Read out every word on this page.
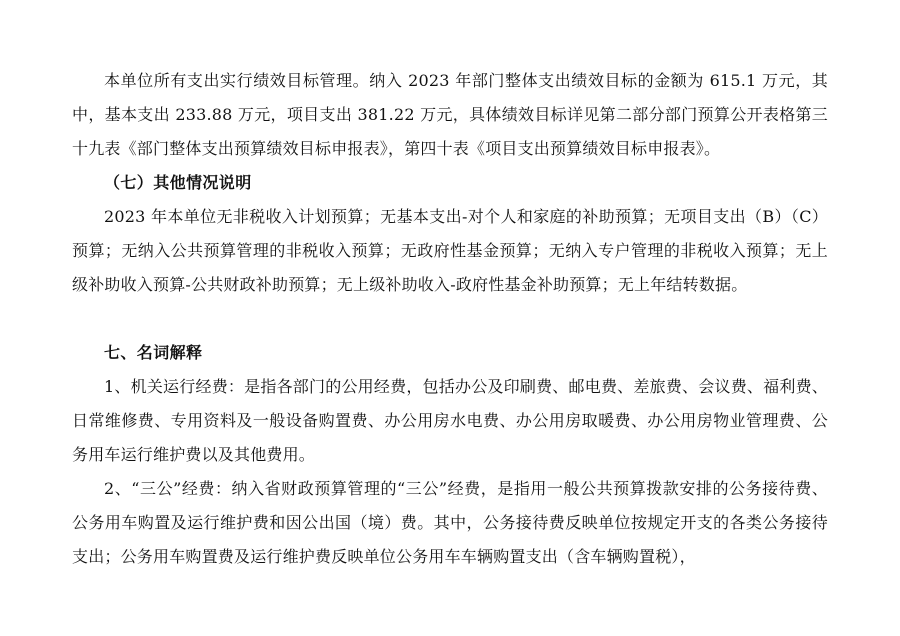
本单位所有支出实行绩效目标管理。纳入 2023 年部门整体支出绩效目标的金额为 615.1 万元，其中，基本支出 233.88 万元，项目支出 381.22 万元，具体绩效目标详见第二部分部门预算公开表格第三十九表《部门整体支出预算绩效目标申报表》，第四十表《项目支出预算绩效目标申报表》。

（七）其他情况说明

2023 年本单位无非税收入计划预算；无基本支出-对个人和家庭的补助预算；无项目支出（B）（C）预算；无纳入公共预算管理的非税收入预算；无政府性基金预算；无纳入专户管理的非税收入预算；无上级补助收入预算-公共财政补助预算；无上级补助收入-政府性基金补助预算；无上年结转数据。

七、名词解释

1、机关运行经费：是指各部门的公用经费，包括办公及印刷费、邮电费、差旅费、会议费、福利费、日常维修费、专用资料及一般设备购置费、办公用房水电费、办公用房取暖费、办公用房物业管理费、公务用车运行维护费以及其他费用。

2、“三公”经费：纳入省财政预算管理的“三公”经费，是指用一般公共预算拨款安排的公务接待费、公务用车购置及运行维护费和因公出国（境）费。其中，公务接待费反映单位按规定开支的各类公务接待支出；公务用车购置费及运行维护费反映单位公务用车车辆购置支出（含车辆购置税），
